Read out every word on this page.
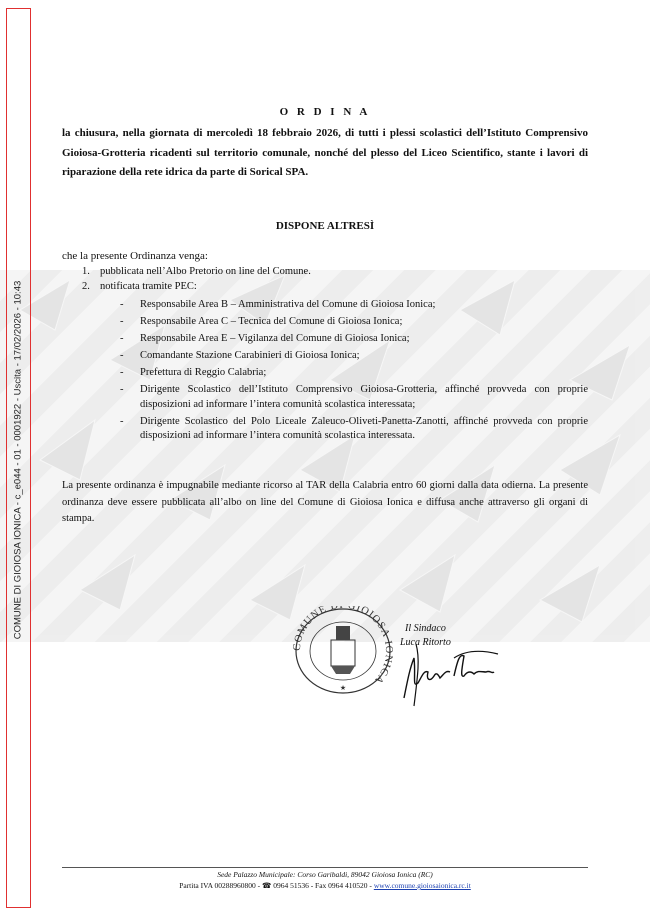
COMUNE DI GIOIOSA IONICA - c_e044 - 01 - 0001922 - Uscita - 17/02/2026 - 10:43
O R D I N A
la chiusura, nella giornata di mercoledì 18 febbraio 2026, di tutti i plessi scolastici dell’Istituto Comprensivo Gioiosa-Grotteria ricadenti sul territorio comunale, nonché del plesso del Liceo Scientifico, stante i lavori di riparazione della rete idrica da parte di Sorical SPA.
DISPONE ALTRESÌ
che la presente Ordinanza venga:
1. pubblicata nell’Albo Pretorio on line del Comune.
2. notificata tramite PEC:
-	Responsabile Area B – Amministrativa del Comune di Gioiosa Ionica;
-	Responsabile Area C – Tecnica del Comune di Gioiosa Ionica;
-	Responsabile Area E – Vigilanza del Comune di Gioiosa Ionica;
-	Comandante Stazione Carabinieri di Gioiosa Ionica;
-	Prefettura di Reggio Calabria;
-	Dirigente Scolastico dell’Istituto Comprensivo Gioiosa-Grotteria, affinché provveda con proprie disposizioni ad informare l’intera comunità scolastica interessata;
-	Dirigente Scolastico del Polo Liceale Zaleuco-Oliveti-Panetta-Zanotti, affinché provveda con proprie disposizioni ad informare l’intera comunità scolastica interessata.
La presente ordinanza è impugnabile mediante ricorso al TAR della Calabria entro 60 giorni dalla data odierna. La presente ordinanza deve essere pubblicata all’albo on line del Comune di Gioiosa Ionica e diffusa anche attraverso gli organi di stampa.
COMUNE D GIOIOSA IONICA
★
Il Sindaco
Luca Ritorto
Sede Palazzo Municipale: Corso Garibaldi, 89042 Gioiosa Ionica (RC)
Partita IVA 00288960800 - ☎ 0964 51536 - Fax 0964 410520 - www.comune.gioiosaionica.rc.it
